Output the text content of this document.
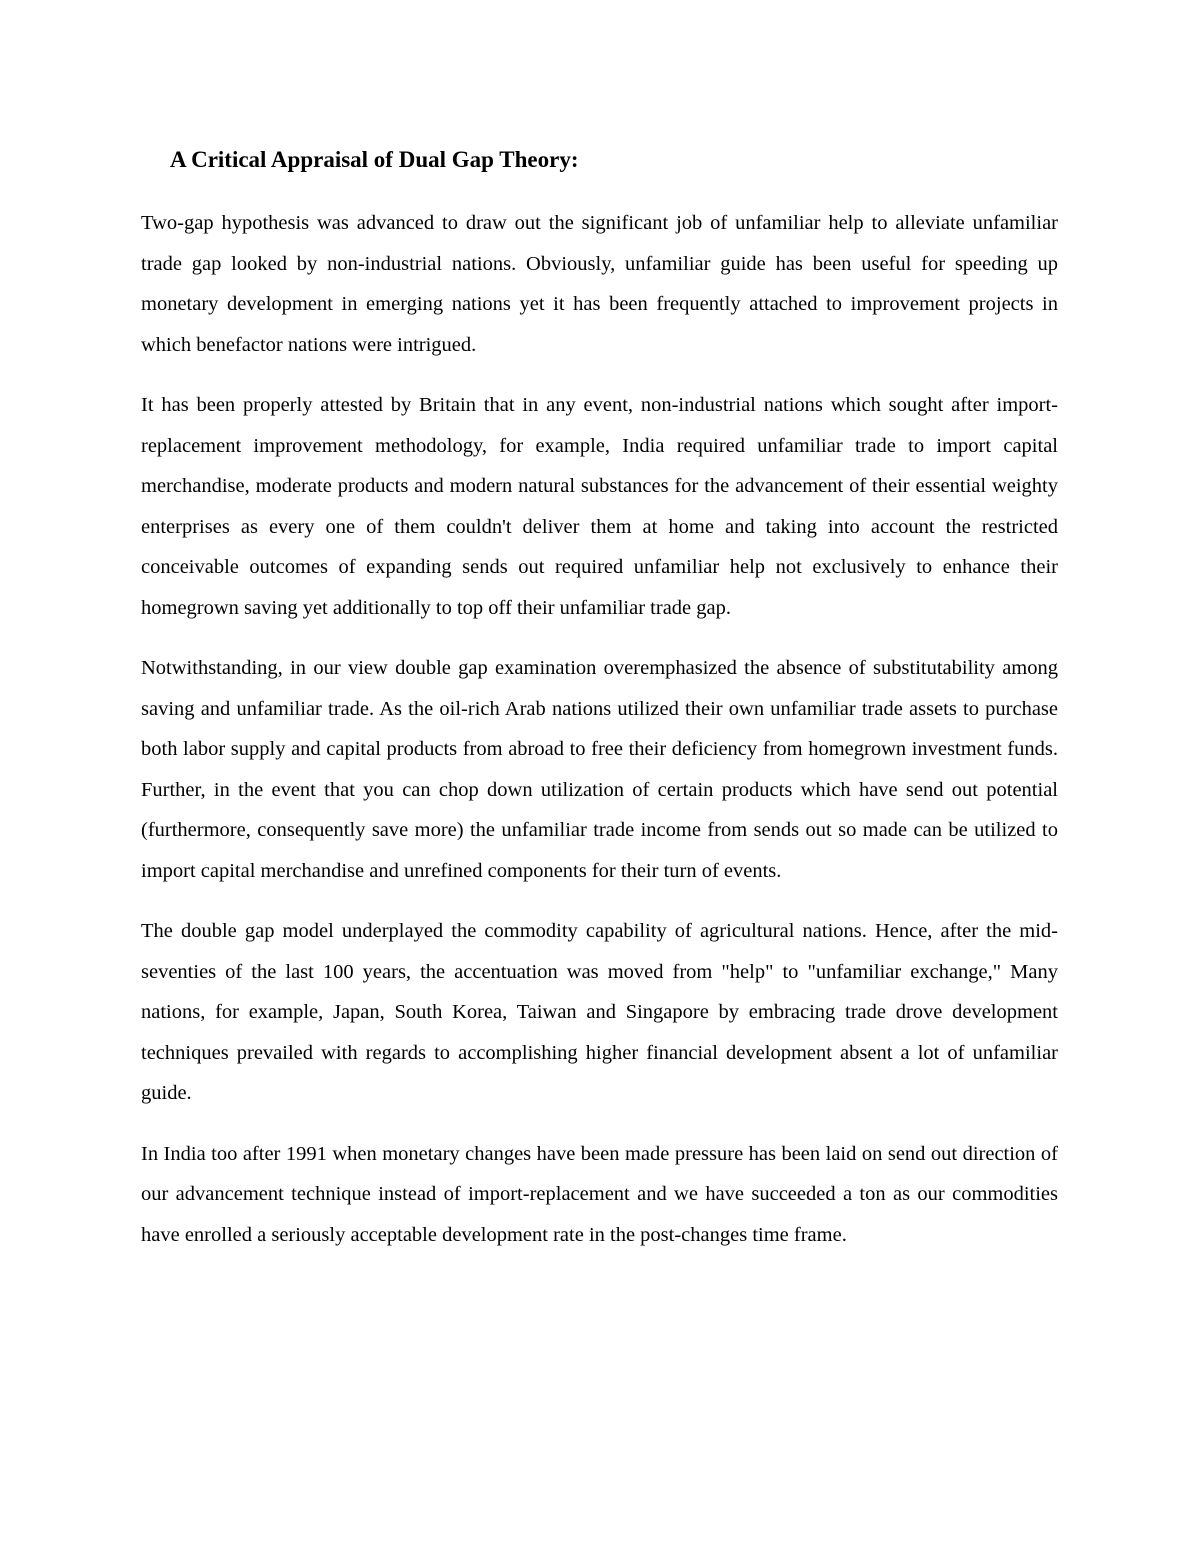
A Critical Appraisal of Dual Gap Theory:

Two-gap hypothesis was advanced to draw out the significant job of unfamiliar help to alleviate unfamiliar trade gap looked by non-industrial nations. Obviously, unfamiliar guide has been useful for speeding up monetary development in emerging nations yet it has been frequently attached to improvement projects in which benefactor nations were intrigued.

It has been properly attested by Britain that in any event, non-industrial nations which sought after import-replacement improvement methodology, for example, India required unfamiliar trade to import capital merchandise, moderate products and modern natural substances for the advancement of their essential weighty enterprises as every one of them couldn't deliver them at home and taking into account the restricted conceivable outcomes of expanding sends out required unfamiliar help not exclusively to enhance their homegrown saving yet additionally to top off their unfamiliar trade gap.

Notwithstanding, in our view double gap examination overemphasized the absence of substitutability among saving and unfamiliar trade. As the oil-rich Arab nations utilized their own unfamiliar trade assets to purchase both labor supply and capital products from abroad to free their deficiency from homegrown investment funds. Further, in the event that you can chop down utilization of certain products which have send out potential (furthermore, consequently save more) the unfamiliar trade income from sends out so made can be utilized to import capital merchandise and unrefined components for their turn of events.

The double gap model underplayed the commodity capability of agricultural nations. Hence, after the mid-seventies of the last 100 years, the accentuation was moved from "help" to "unfamiliar exchange," Many nations, for example, Japan, South Korea, Taiwan and Singapore by embracing trade drove development techniques prevailed with regards to accomplishing higher financial development absent a lot of unfamiliar guide.

In India too after 1991 when monetary changes have been made pressure has been laid on send out direction of our advancement technique instead of import-replacement and we have succeeded a ton as our commodities have enrolled a seriously acceptable development rate in the post-changes time frame.
